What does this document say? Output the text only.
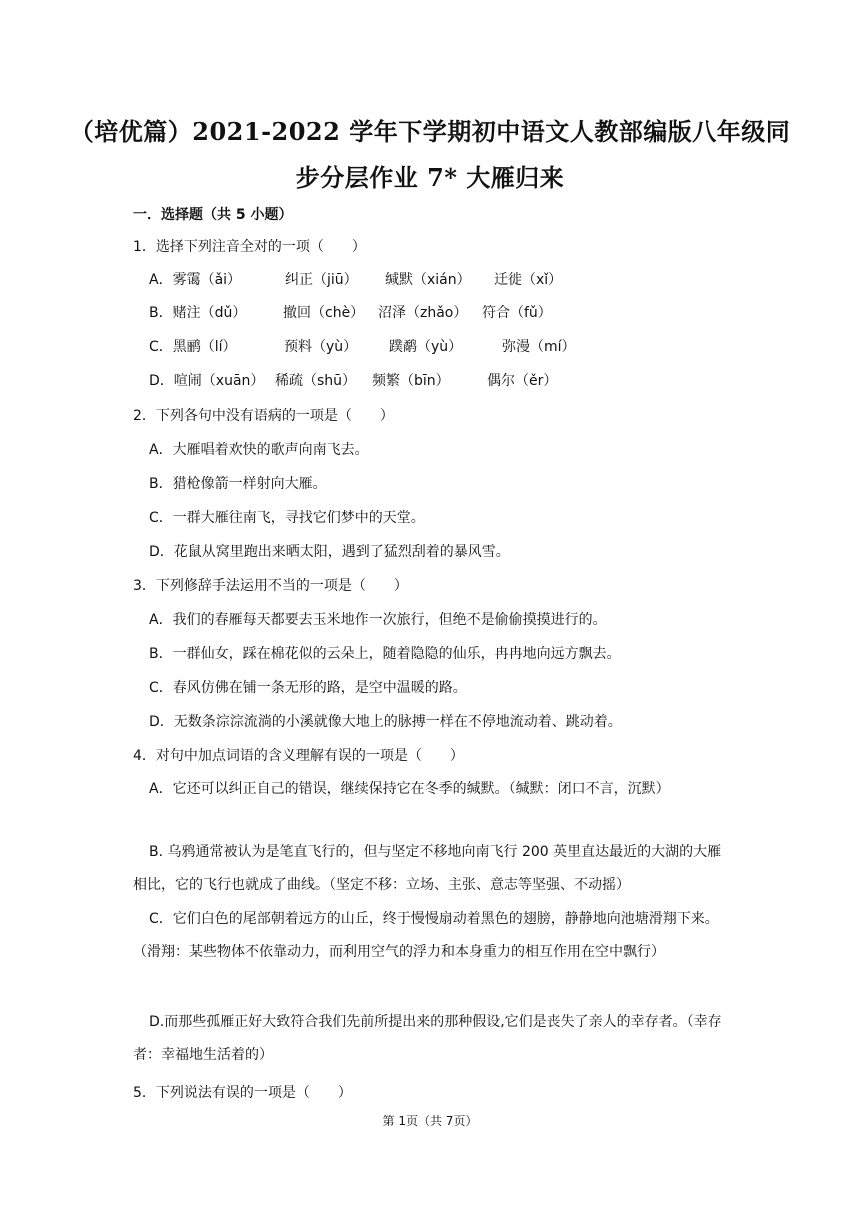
（培优篇）2021-2022 学年下学期初中语文人教部编版八年级同
步分层作业 7* 大雁归来
一．选择题（共 5 小题）
1．选择下列注音全对的一项（　　）
A．雾霭（ǎi）	纠正（jiū） 缄默（xián） 迁徙（xǐ）
B．赌注（dǔ）	撤回（chè） 沼泽（zhǎo） 符合（fǔ）
C．黑鹂（lí）	预料（yù） 蹼鹬（yù）	弥漫（mí）
D．喧闹（xuān） 稀疏（shū） 频繁（bīn）	偶尔（ěr）
2．下列各句中没有语病的一项是（　　）
A．大雁唱着欢快的歌声向南飞去。
B．猎枪像箭一样射向大雁。
C．一群大雁往南飞，寻找它们梦中的天堂。
D．花鼠从窝里跑出来晒太阳，遇到了猛烈刮着的暴风雪。
3．下列修辞手法运用不当的一项是（　　）
A．我们的春雁每天都要去玉米地作一次旅行，但绝不是偷偷摸摸进行的。
B．一群仙女，踩在棉花似的云朵上，随着隐隐的仙乐，冉冉地向远方飘去。
C．春风仿佛在铺一条无形的路，是空中温暖的路。
D．无数条淙淙流淌的小溪就像大地上的脉搏一样在不停地流动着、跳动着。
4．对句中加点词语的含义理解有误的一项是（　　）
A．它还可以纠正自己的错误，继续保持它在冬季的缄默。（缄默：闭口不言，沉默）
B. 乌鸦通常被认为是笔直飞行的，但与坚定不移地向南飞行 200 英里直达最近的大湖的大雁相比，它的飞行也就成了曲线。（坚定不移：立场、主张、意志等坚强、不动摇）
C．它们白色的尾部朝着远方的山丘，终于慢慢扇动着黑色的翅膀，静静地向池塘滑翔下来。（滑翔：某些物体不依靠动力，而利用空气的浮力和本身重力的相互作用在空中飘行）
D.而那些孤雁正好大致符合我们先前所提出来的那种假设,它们是丧失了亲人的幸存者。（幸存者：幸福地生活着的）
5．下列说法有误的一项是（　　）
第 1页（共 7页）
